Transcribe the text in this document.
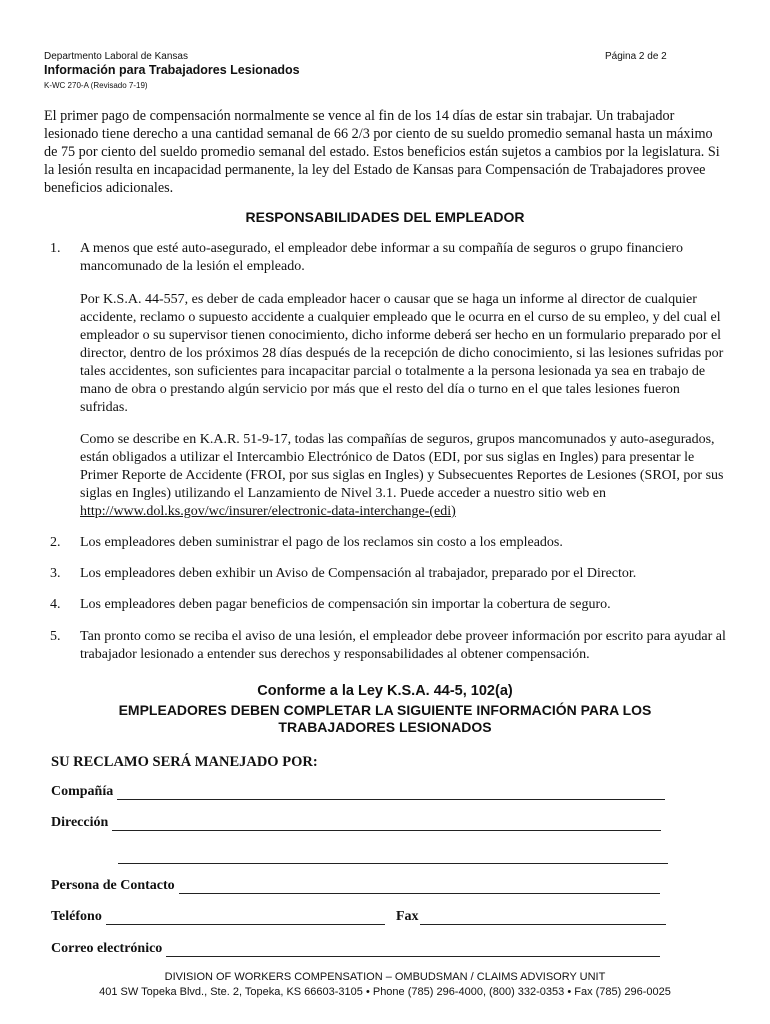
Departmento Laboral de Kansas	Página 2 de 2
Información para Trabajadores Lesionados
K-WC 270-A (Revisado 7-19)

El primer pago de compensación normalmente se vence al fin de los 14 días de estar sin trabajar. Un trabajador lesionado tiene derecho a una cantidad semanal de 66 2/3 por ciento de su sueldo promedio semanal hasta un máximo de 75 por ciento del sueldo promedio semanal del estado. Estos beneficios están sujetos a cambios por la legislatura. Si la lesión resulta en incapacidad permanente, la ley del Estado de Kansas para Compensación de Trabajadores provee beneficios adicionales.

RESPONSABILIDADES DEL EMPLEADOR
1. A menos que esté auto-asegurado, el empleador debe informar a su compañía de seguros o grupo financiero mancomunado de la lesión el empleado.

Por K.S.A. 44-557, es deber de cada empleador hacer o causar que se haga un informe al director de cualquier accidente, reclamo o supuesto accidente a cualquier empleado que le ocurra en el curso de su empleo, y del cual el empleador o su supervisor tienen conocimiento, dicho informe deberá ser hecho en un formulario preparado por el director, dentro de los próximos 28 días después de la recepción de dicho conocimiento, si las lesiones sufridas por tales accidentes, son suficientes para incapacitar parcial o totalmente a la persona lesionada ya sea en trabajo de mano de obra o prestando algún servicio por más que el resto del día o turno en el que tales lesiones fueron sufridas.

Como se describe en K.A.R. 51-9-17, todas las compañías de seguros, grupos mancomunados y auto-asegurados, están obligados a utilizar el Intercambio Electrónico de Datos (EDI, por sus siglas en Ingles) para presentar le Primer Reporte de Accidente (FROI, por sus siglas en Ingles) y Subsecuentes Reportes de Lesiones (SROI, por sus siglas en Ingles) utilizando el Lanzamiento de Nivel 3.1. Puede acceder a nuestro sitio web en http://www.dol.ks.gov/wc/insurer/electronic-data-interchange-(edi)

2. Los empleadores deben suministrar el pago de los reclamos sin costo a los empleados.

3. Los empleadores deben exhibir un Aviso de Compensación al trabajador, preparado por el Director.

4. Los empleadores deben pagar beneficios de compensación sin importar la cobertura de seguro.

5. Tan pronto como se reciba el aviso de una lesión, el empleador debe proveer información por escrito para ayudar al trabajador lesionado a entender sus derechos y responsabilidades al obtener compensación.

Conforme a la Ley K.S.A. 44-5, 102(a)
EMPLEADORES DEBEN COMPLETAR LA SIGUIENTE INFORMACIÓN PARA LOS
TRABAJADORES LESIONADOS
SU RECLAMO SERÁ MANEJADO POR:
Compañía
Dirección
Persona de Contacto
Teléfono	Fax
Correo electrónico
DIVISION OF WORKERS COMPENSATION – OMBUDSMAN / CLAIMS ADVISORY UNIT
401 SW Topeka Blvd., Ste. 2, Topeka, KS 66603-3105 • Phone (785) 296-4000, (800) 332-0353 • Fax (785) 296-0025
